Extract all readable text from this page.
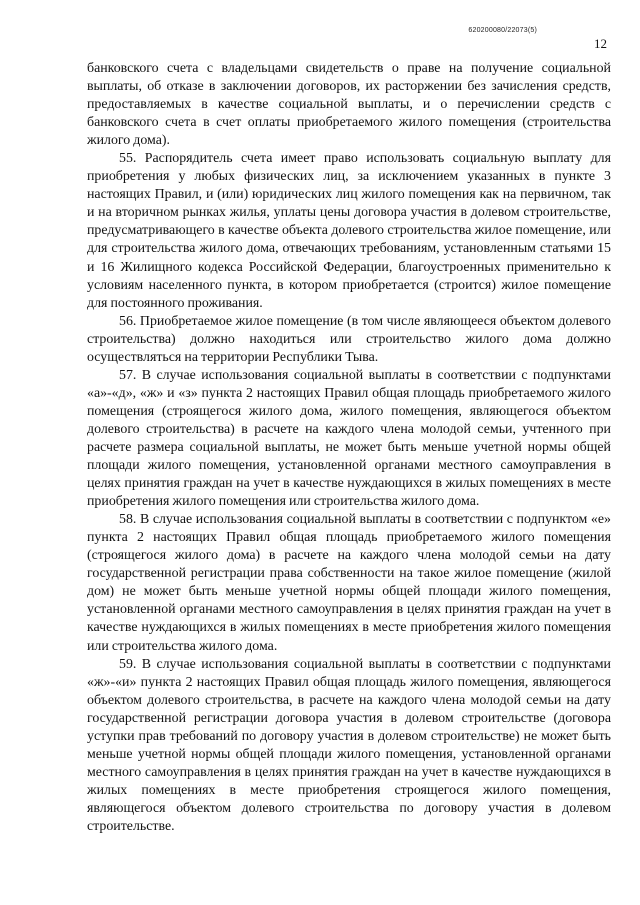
620200080/22073(5)
12

банковского счета с владельцами свидетельств о праве на получение социальной выплаты, об отказе в заключении договоров, их расторжении без зачисления средств, предоставляемых в качестве социальной выплаты, и о перечислении средств с банковского счета в счет оплаты приобретаемого жилого помещения (строительства жилого дома).

55. Распорядитель счета имеет право использовать социальную выплату для приобретения у любых физических лиц, за исключением указанных в пункте 3 настоящих Правил, и (или) юридических лиц жилого помещения как на первичном, так и на вторичном рынках жилья, уплаты цены договора участия в долевом строительстве, предусматривающего в качестве объекта долевого строительства жилое помещение, или для строительства жилого дома, отвечающих требованиям, установленным статьями 15 и 16 Жилищного кодекса Российской Федерации, благоустроенных применительно к условиям населенного пункта, в котором приобретается (строится) жилое помещение для постоянного проживания.

56. Приобретаемое жилое помещение (в том числе являющееся объектом долевого строительства) должно находиться или строительство жилого дома должно осуществляться на территории Республики Тыва.

57. В случае использования социальной выплаты в соответствии с подпунктами «а»-«д», «ж» и «з» пункта 2 настоящих Правил общая площадь приобретаемого жилого помещения (строящегося жилого дома, жилого помещения, являющегося объектом долевого строительства) в расчете на каждого члена молодой семьи, учтенного при расчете размера социальной выплаты, не может быть меньше учетной нормы общей площади жилого помещения, установленной органами местного самоуправления в целях принятия граждан на учет в качестве нуждающихся в жилых помещениях в месте приобретения жилого помещения или строительства жилого дома.

58. В случае использования социальной выплаты в соответствии с подпунктом «е» пункта 2 настоящих Правил общая площадь приобретаемого жилого помещения (строящегося жилого дома) в расчете на каждого члена молодой семьи на дату государственной регистрации права собственности на такое жилое помещение (жилой дом) не может быть меньше учетной нормы общей площади жилого помещения, установленной органами местного самоуправления в целях принятия граждан на учет в качестве нуждающихся в жилых помещениях в месте приобретения жилого помещения или строительства жилого дома.

59. В случае использования социальной выплаты в соответствии с подпунктами «ж»-«и» пункта 2 настоящих Правил общая площадь жилого помещения, являющегося объектом долевого строительства, в расчете на каждого члена молодой семьи на дату государственной регистрации договора участия в долевом строительстве (договора уступки прав требований по договору участия в долевом строительстве) не может быть меньше учетной нормы общей площади жилого помещения, установленной органами местного самоуправления в целях принятия граждан на учет в качестве нуждающихся в жилых помещениях в месте приобретения строящегося жилого помещения, являющегося объектом долевого строительства по договору участия в долевом строительстве.
